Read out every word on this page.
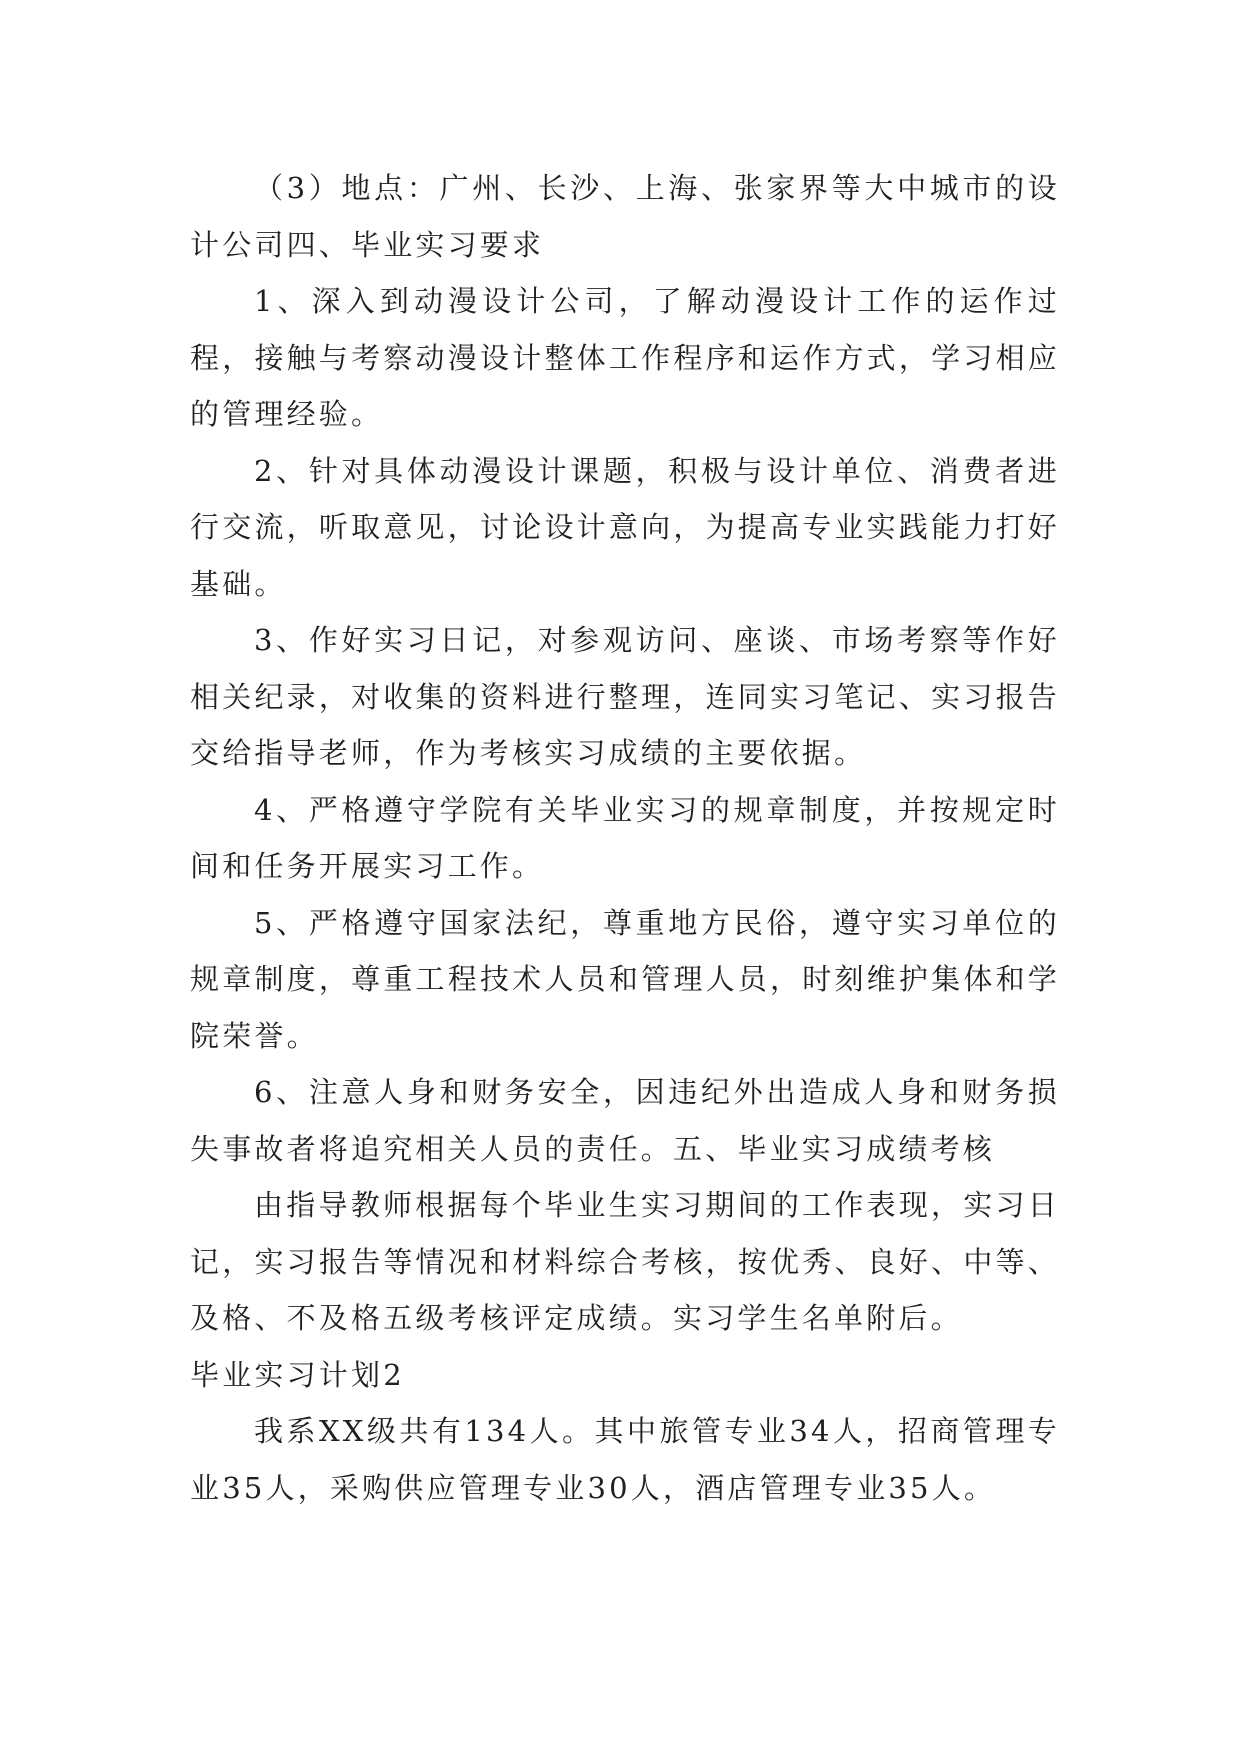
（3）地点：广州、长沙、上海、张家界等大中城市的设计公司四、毕业实习要求

1、深入到动漫设计公司，了解动漫设计工作的运作过程，接触与考察动漫设计整体工作程序和运作方式，学习相应的管理经验。

2、针对具体动漫设计课题，积极与设计单位、消费者进行交流，听取意见，讨论设计意向，为提高专业实践能力打好基础。

3、作好实习日记，对参观访问、座谈、市场考察等作好相关纪录，对收集的资料进行整理，连同实习笔记、实习报告交给指导老师，作为考核实习成绩的主要依据。

4、严格遵守学院有关毕业实习的规章制度，并按规定时间和任务开展实习工作。

5、严格遵守国家法纪，尊重地方民俗，遵守实习单位的规章制度，尊重工程技术人员和管理人员，时刻维护集体和学院荣誉。

6、注意人身和财务安全，因违纪外出造成人身和财务损失事故者将追究相关人员的责任。五、毕业实习成绩考核

由指导教师根据每个毕业生实习期间的工作表现，实习日记，实习报告等情况和材料综合考核，按优秀、良好、中等、及格、不及格五级考核评定成绩。实习学生名单附后。

毕业实习计划2

我系XX级共有134人。其中旅管专业34人，招商管理专业35人，采购供应管理专业30人，酒店管理专业35人。
